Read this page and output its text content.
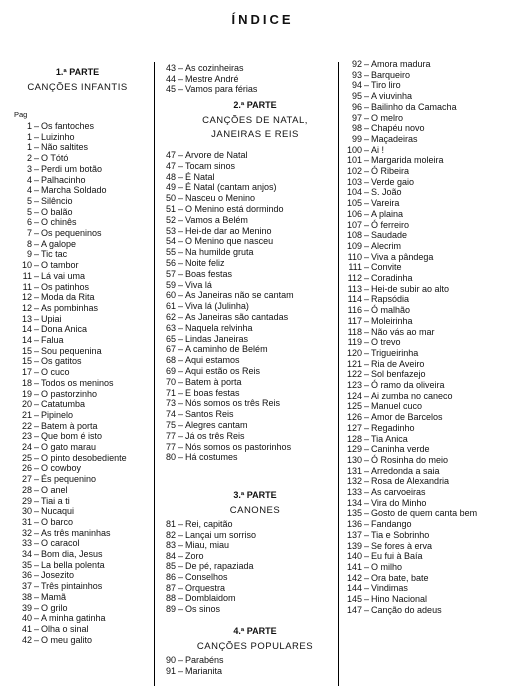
ÍNDICE
1.ª PARTE
CANÇÕES INFANTIS
Pag
1 – Os fantoches
1 – Luizinho
1 – Não saltites
2 – O Tótó
3 – Perdi um botão
4 – Palhacinho
4 – Marcha Soldado
5 – Silêncio
5 – O balão
6 – O chinês
7 – Os pequeninos
8 – A galope
9 – Tic tac
10 – O tambor
11 – Lá vai uma
11 – Os patinhos
12 – Moda da Rita
12 – As pombinhas
13 – Upiai
14 – Dona Anica
14 – Falua
15 – Sou pequenina
15 – Os gatitos
17 – O cuco
18 – Todos os meninos
19 – O pastorzinho
20 – Catatumba
21 – Pipinelo
22 – Batem à porta
23 – Que bom é isto
24 – O gato marau
25 – O pinto desobediente
26 – O cowboy
27 – És pequenino
28 – O anel
29 – Tiai a ti
30 – Nucaqui
31 – O barco
32 – As três maninhas
33 – O caracol
34 – Bom dia, Jesus
35 – La bella polenta
36 – Josezito
37 – Três pintainhos
38 – Mamã
39 – O grilo
40 – A minha gatinha
41 – Olha o sinal
42 – O meu galito
2.ª PARTE
CANÇÕES DE NATAL,
JANEIRAS E REIS
3.ª PARTE
CANONES
4.ª PARTE
CANÇÕES POPULARES
43 – As cozinheiras
44 – Mestre André
45 – Vamos para férias
47 – Arvore de Natal
47 – Tocam sinos
48 – É Natal
49 – É Natal (cantam anjos)
50 – Nasceu o Menino
51 – O Menino está dormindo
52 – Vamos a Belém
53 – Hei-de dar ao Menino
54 – O Menino que nasceu
55 – Na humilde gruta
56 – Noite feliz
57 – Boas festas
59 – Viva lá
60 – As Janeiras não se cantam
61 – Viva lá (Julinha)
62 – As Janeiras são cantadas
63 – Naquela relvinha
65 – Lindas Janeiras
67 – A caminho de Belém
68 – Aqui estamos
69 – Aqui estão os Reis
70 – Batem à porta
71 – E boas festas
73 – Nós somos os três Reis
74 – Santos Reis
75 – Alegres cantam
77 – Já os três Reis
77 – Nós somos os pastorinhos
80 – Há costumes
81 – Rei, capitão
82 – Lançai um sorriso
83 – Miau, miau
84 – Zoro
85 – De pé, rapaziada
86 – Conselhos
87 – Orquestra
88 – Domblaidom
89 – Os sinos
90 – Parabéns
91 – Marianita
92 – Amora madura
93 – Barqueiro
94 – Tiro liro
95 – A viuvinha
96 – Bailinho da Camacha
97 – O melro
98 – Chapéu novo
99 – Maçadeiras
100 – Ai !
101 – Margarida moleira
102 – Ó Ribeira
103 – Verde gaio
104 – S. João
105 – Vareira
106 – A plaina
107 – Ó ferreiro
108 – Saudade
109 – Alecrim
110 – Viva a pândega
111 – Convite
112 – Coradinha
113 – Hei-de subir ao alto
114 – Rapsódia
116 – Ó malhão
117 – Moleirinha
118 – Não vás ao mar
119 – O trevo
120 – Trigueirinha
121 – Ria de Aveiro
122 – Sol benfazejo
123 – Ó ramo da oliveira
124 – Ai zumba no caneco
125 – Manuel cuco
126 – Amor de Barcelos
127 – Regadinho
128 – Tia Anica
129 – Caninha verde
130 – Ó Rosinha do meio
131 – Arredonda a saia
132 – Rosa de Alexandria
133 – As carvoeiras
134 – Vira do Minho
135 – Gosto de quem canta bem
136 – Fandango
137 – Tia e Sobrinho
139 – Se fores à erva
140 – Eu fui à Baía
141 – O milho
142 – Ora bate, bate
144 – Vindimas
145 – Hino Nacional
147 – Canção do adeus
